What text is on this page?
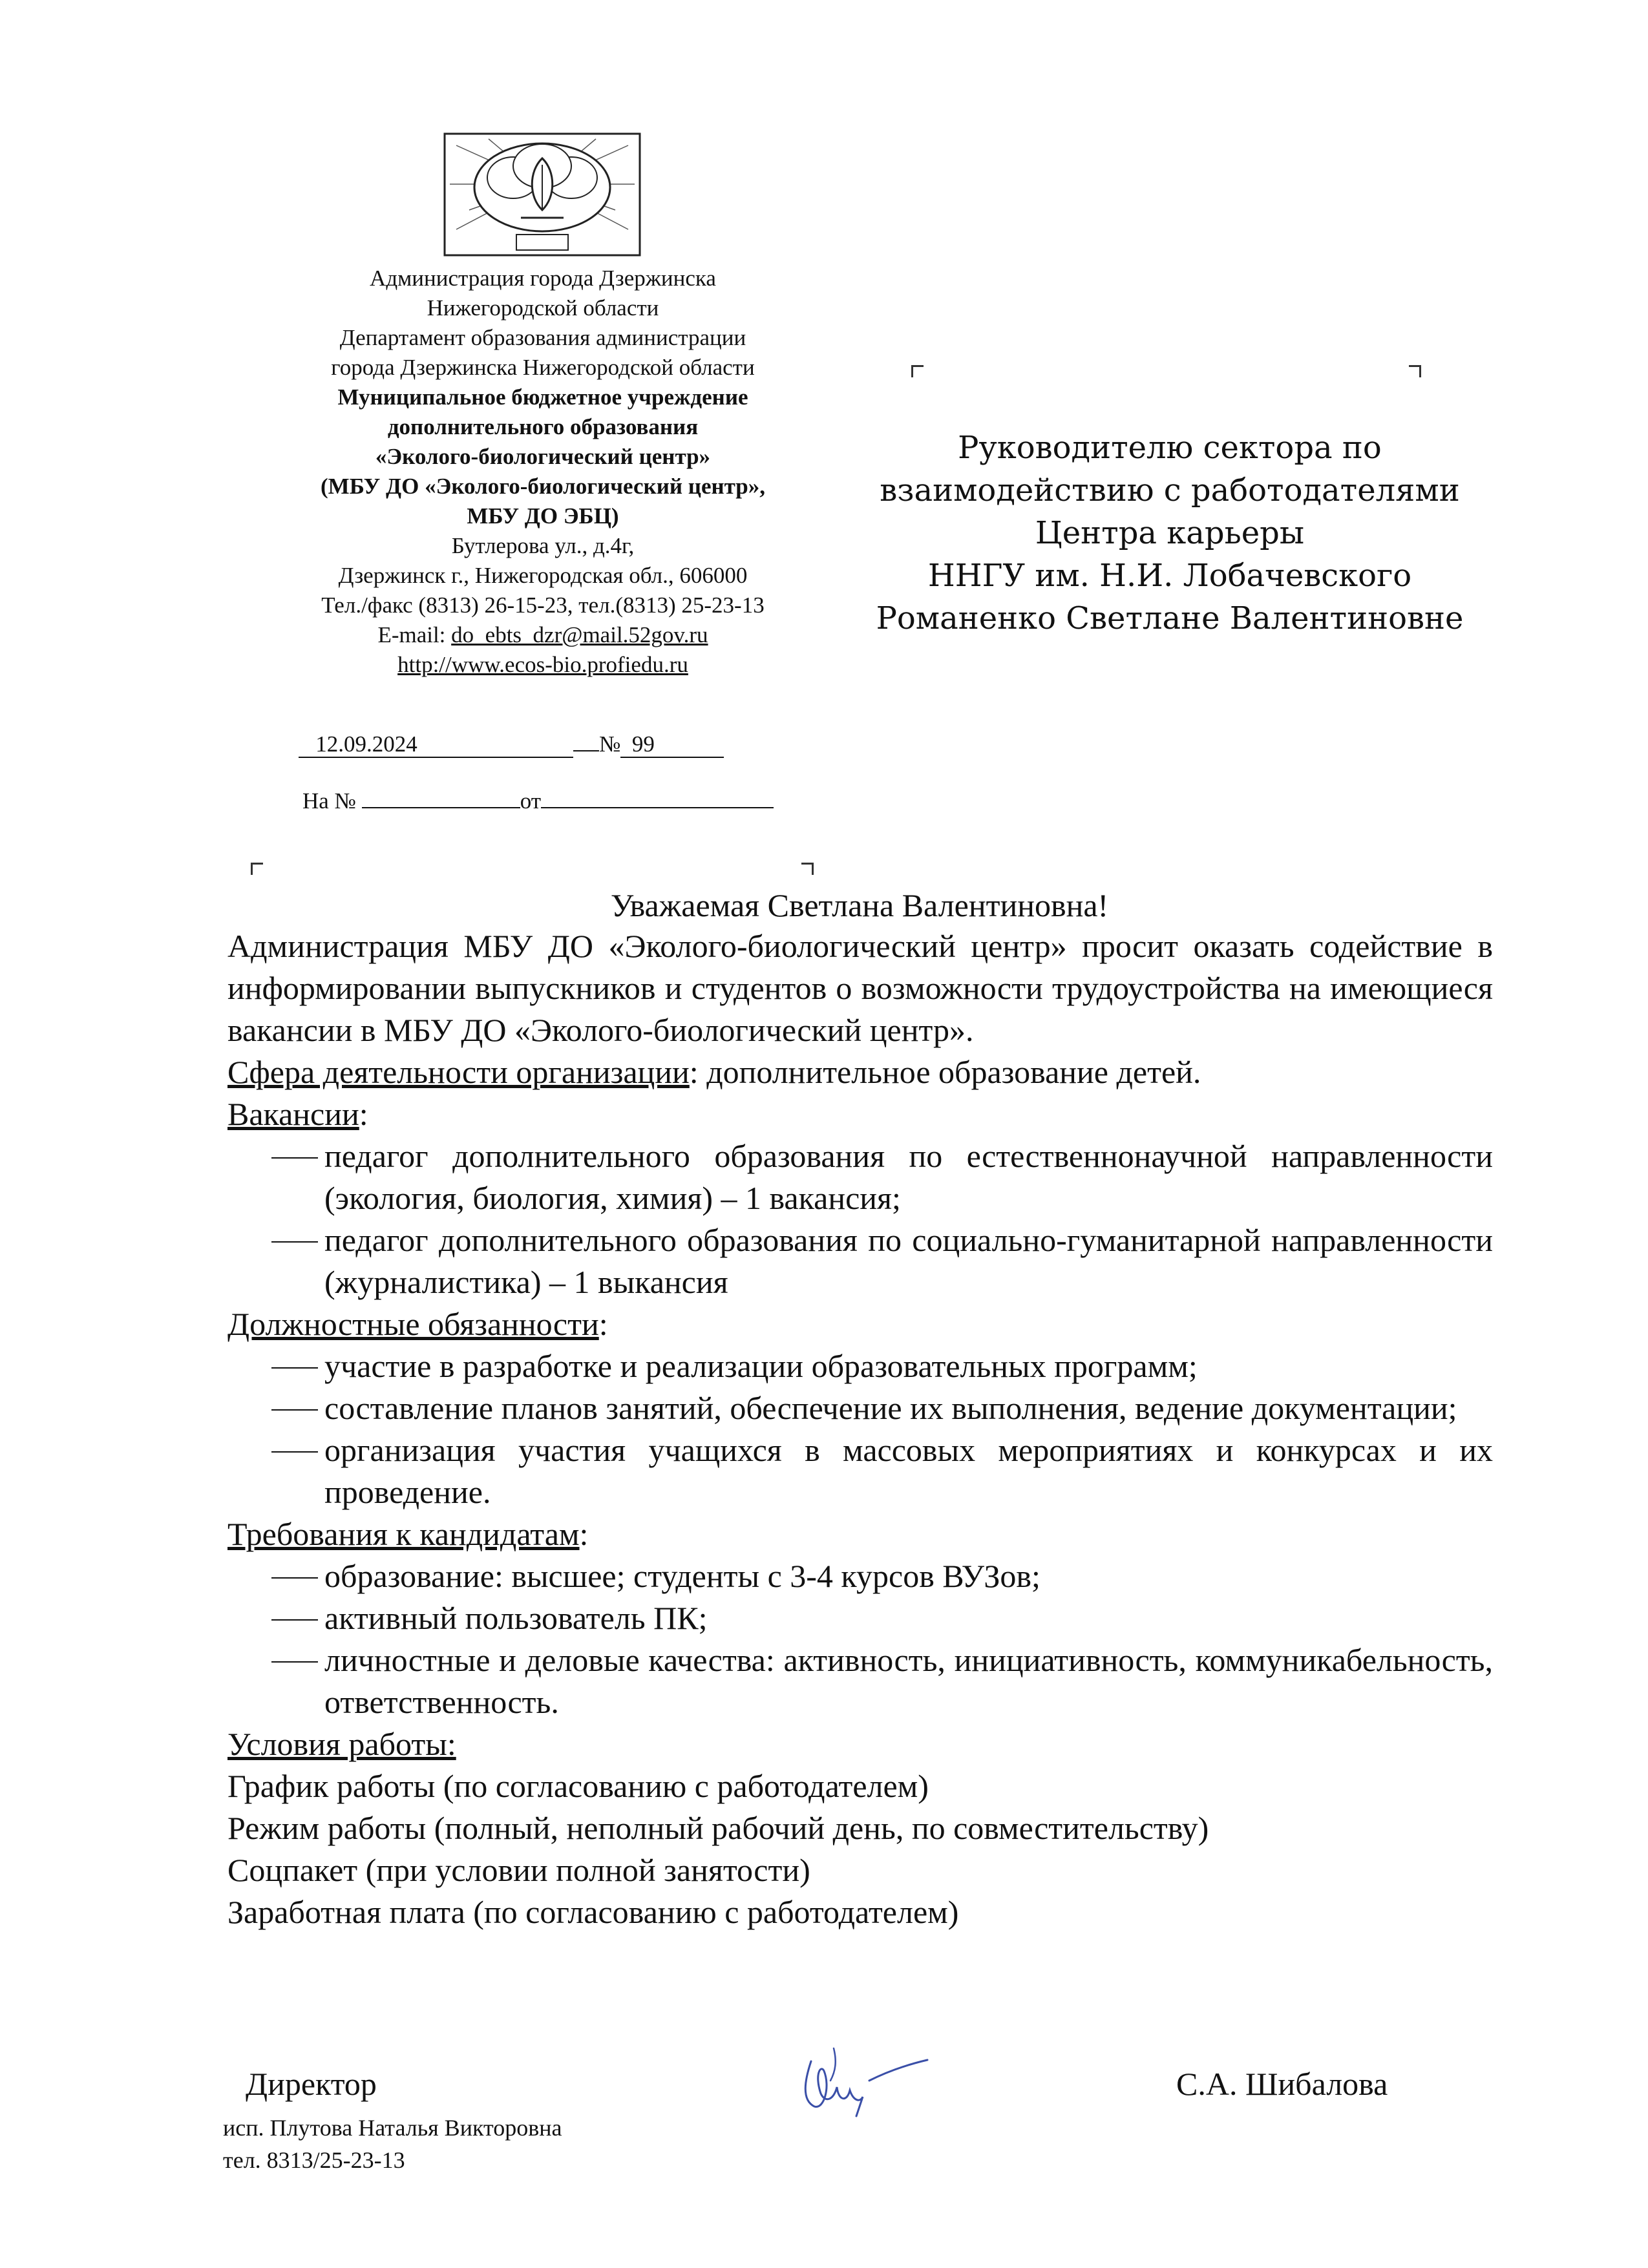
Администрация города Дзержинска
Нижегородской области
Департамент образования администрации
города Дзержинска Нижегородской области
Муниципальное бюджетное учреждение
дополнительного образования
«Эколого-биологический центр»
(МБУ ДО «Эколого-биологический центр»,
МБУ ДО ЭБЦ)
Бутлерова ул., д.4г,
Дзержинск г., Нижегородская обл., 606000
Тел./факс (8313) 26-15-23, тел.(8313) 25-23-13
E-mail: do_ebts_dzr@mail.52gov.ru
http://www.ecos-bio.profiedu.ru
12.09.2024	№ 99
На №	от
Руководителю сектора по
взаимодействию с работодателями
Центра карьеры
ННГУ им. Н.И. Лобачевского
Романенко Светлане Валентиновне
Уважаемая Светлана Валентиновна!
Администрация МБУ ДО «Эколого-биологический центр» просит оказать содействие в информировании выпускников и студентов о возможности трудоустройства на имеющиеся вакансии в МБУ ДО «Эколого-биологический центр».
Сфера деятельности организации: дополнительное образование детей.
Вакансии:
педагог дополнительного образования по естественнонаучной направленности (экология, биология, химия) – 1 вакансия;
педагог дополнительного образования по социально-гуманитарной направленности (журналистика) – 1 выкансия
Должностные обязанности:
участие в разработке и реализации образовательных программ;
составление планов занятий, обеспечение их выполнения, ведение документации;
организация участия учащихся в массовых мероприятиях и конкурсах и их проведение.
Требования к кандидатам:
образование: высшее; студенты с 3-4 курсов ВУЗов;
активный пользователь ПК;
личностные и деловые качества: активность, инициативность, коммуникабельность, ответственность.
Условия работы:
График работы (по согласованию с работодателем)
Режим работы (полный, неполный рабочий день, по совместительству)
Соцпакет (при условии полной занятости)
Заработная плата (по согласованию с работодателем)
Директор	С.А. Шибалова
исп. Плутова Наталья Викторовна
тел. 8313/25-23-13
